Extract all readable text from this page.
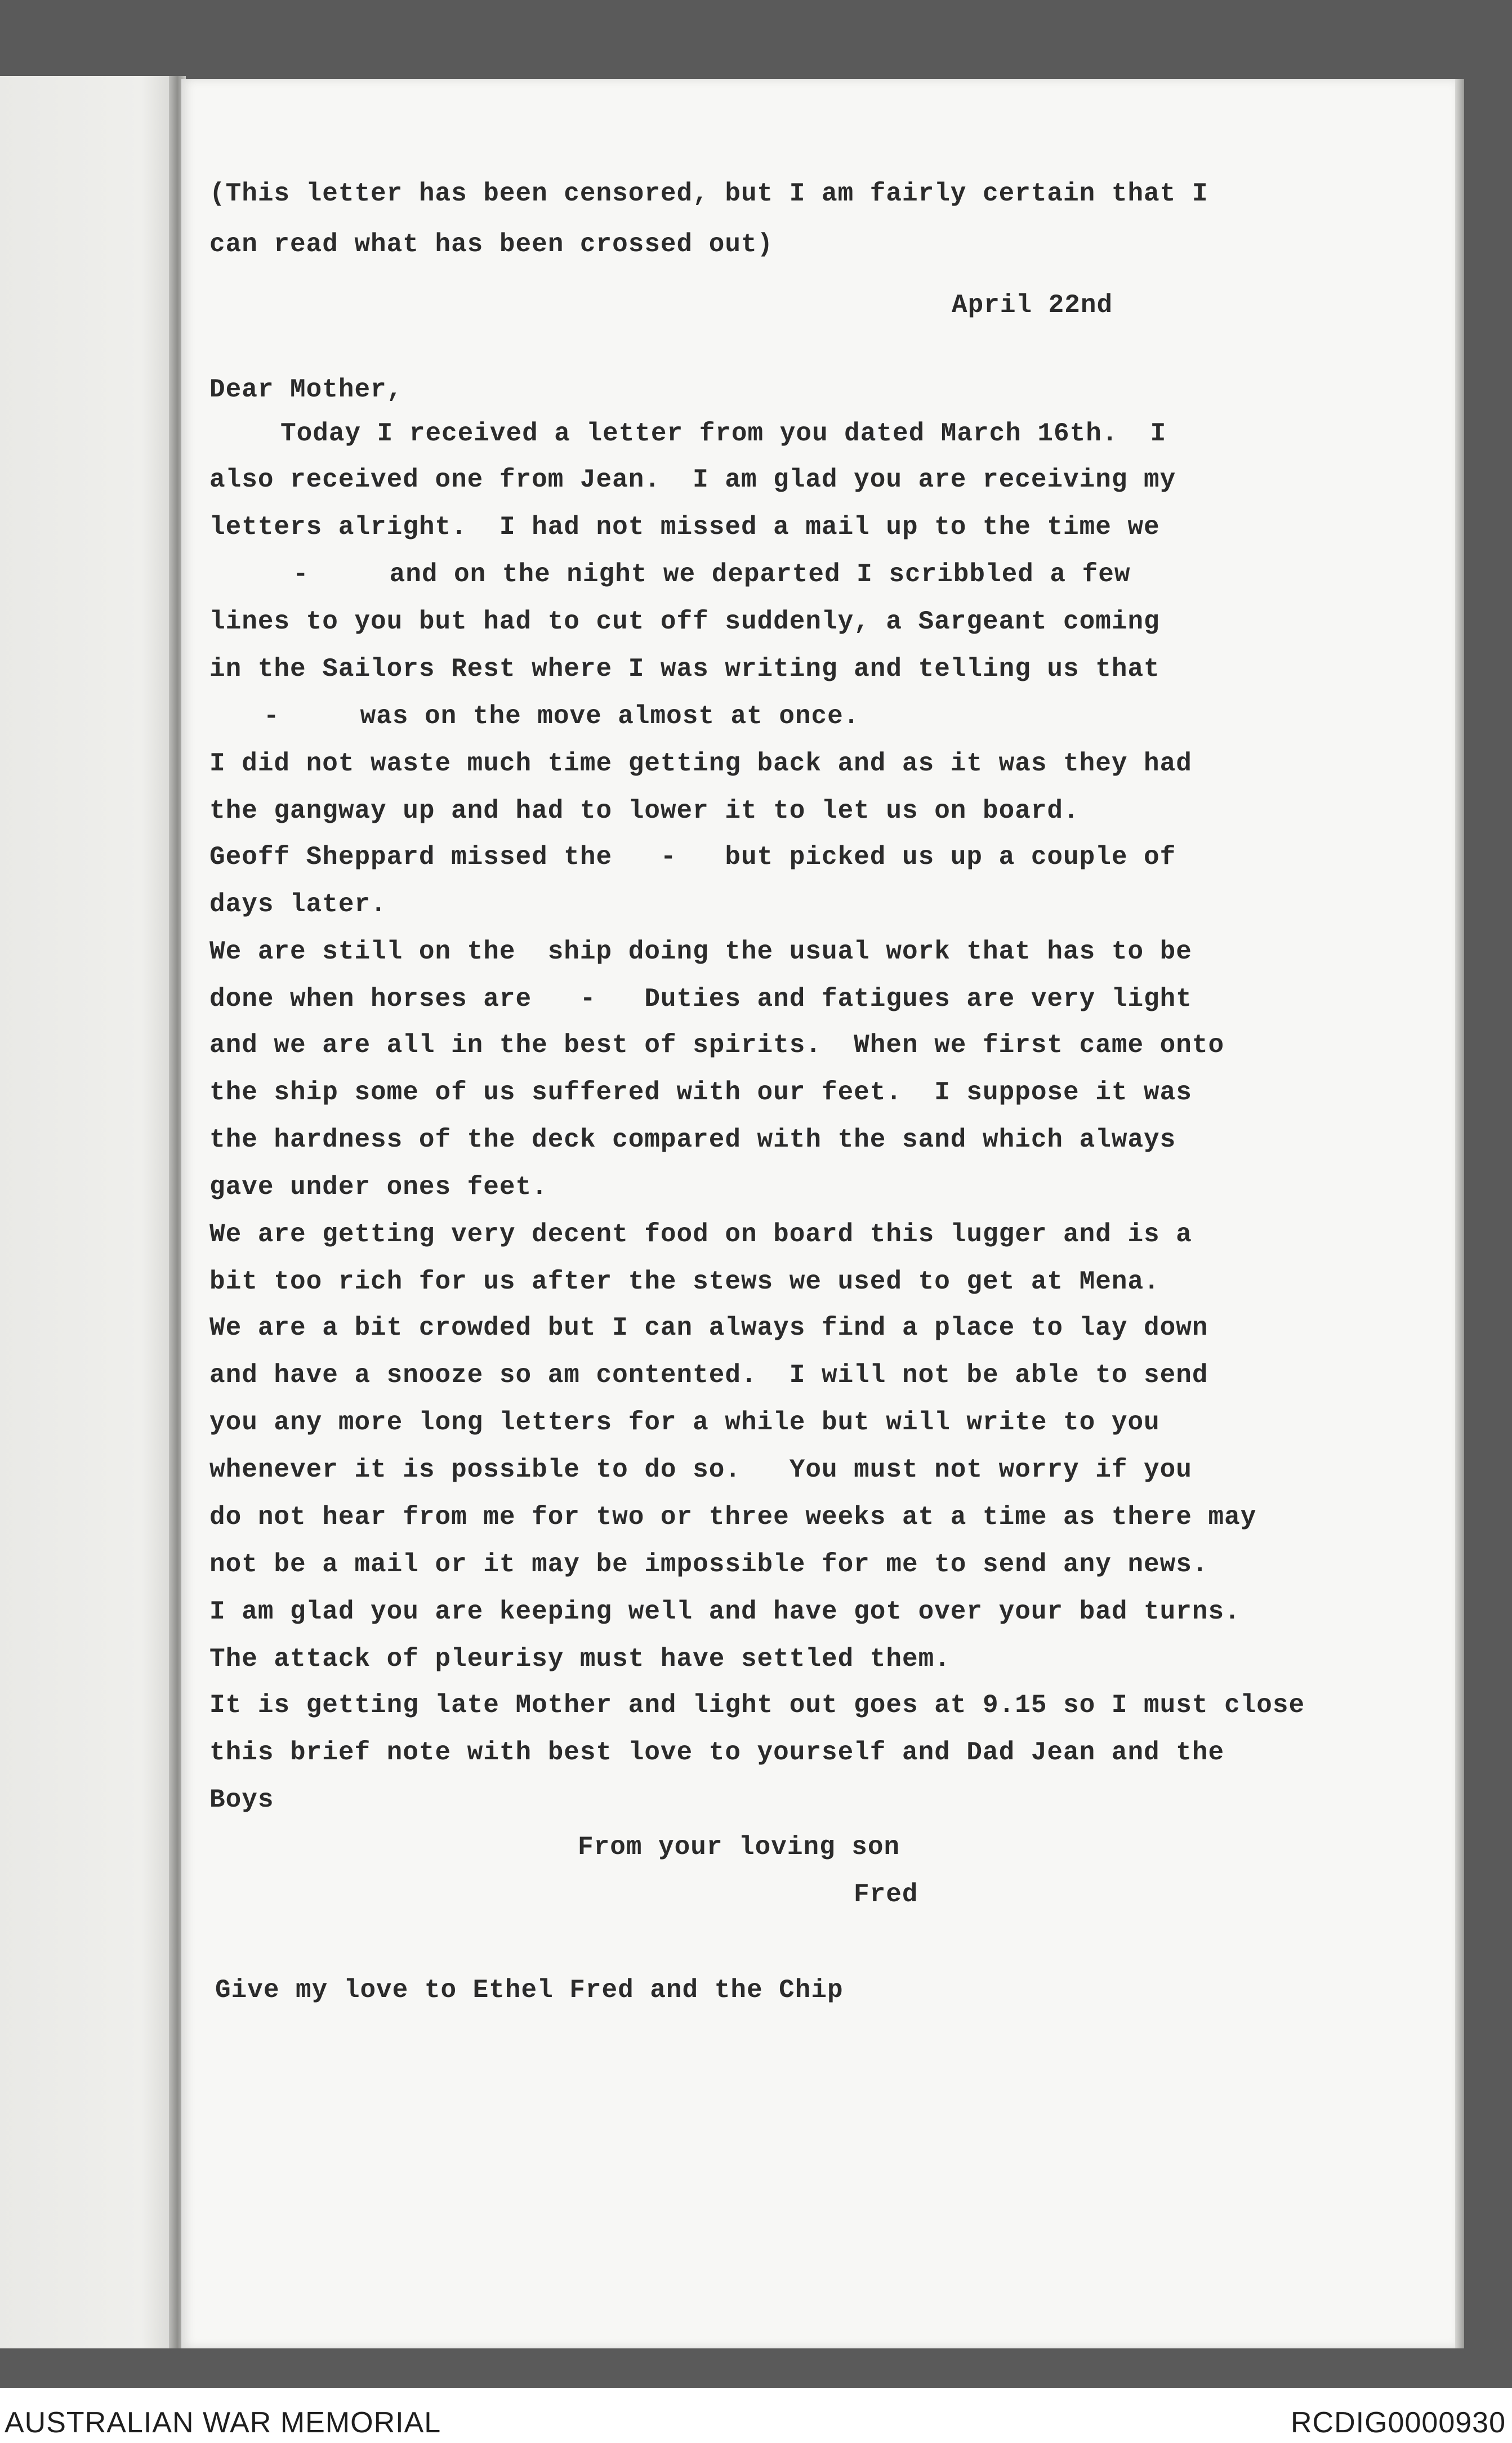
(This letter has been censored, but I am fairly certain that I
can read what has been crossed out)
April 22nd
Dear Mother,
Today I received a letter from you dated March 16th.  I
also received one from Jean.  I am glad you are receiving my
letters alright.  I had not missed a mail up to the time we
-     and on the night we departed I scribbled a few
lines to you but had to cut off suddenly, a Sargeant coming
in the Sailors Rest where I was writing and telling us that
-     was on the move almost at once.
I did not waste much time getting back and as it was they had
the gangway up and had to lower it to let us on board.
Geoff Sheppard missed the   -   but picked us up a couple of
days later.
We are still on the  ship doing the usual work that has to be
done when horses are   -   Duties and fatigues are very light
and we are all in the best of spirits.  When we first came onto
the ship some of us suffered with our feet.  I suppose it was
the hardness of the deck compared with the sand which always
gave under ones feet.
We are getting very decent food on board this lugger and is a
bit too rich for us after the stews we used to get at Mena.
We are a bit crowded but I can always find a place to lay down
and have a snooze so am contented.  I will not be able to send
you any more long letters for a while but will write to you
whenever it is possible to do so.   You must not worry if you
do not hear from me for two or three weeks at a time as there may
not be a mail or it may be impossible for me to send any news.
I am glad you are keeping well and have got over your bad turns.
The attack of pleurisy must have settled them.
It is getting late Mother and light out goes at 9.15 so I must close
this brief note with best love to yourself and Dad Jean and the
Boys
From your loving son
Fred
Give my love to Ethel Fred and the Chip
AUSTRALIAN WAR MEMORIAL	RCDIG0000930
